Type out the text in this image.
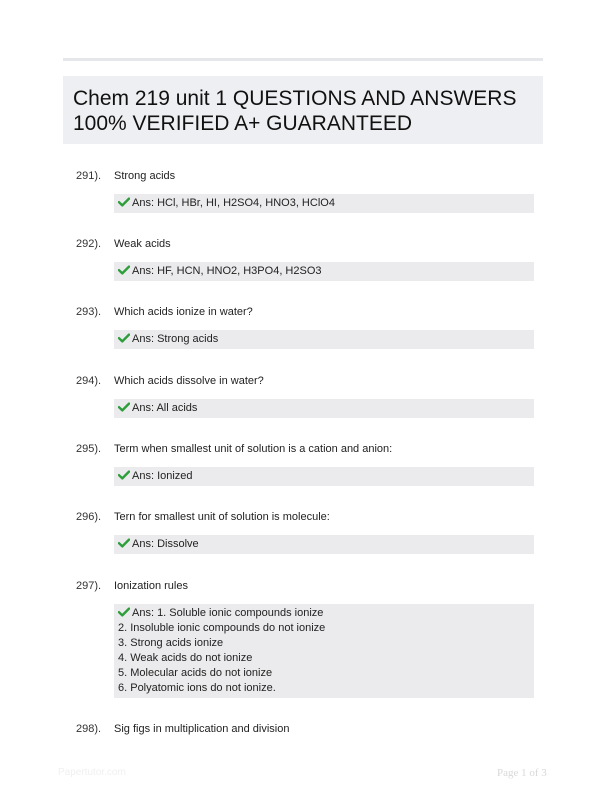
Chem 219 unit 1 QUESTIONS AND ANSWERS
100% VERIFIED A+ GUARANTEED
291). Strong acids
Ans: HCl, HBr, HI, H2SO4, HNO3, HClO4
292). Weak acids
Ans: HF, HCN, HNO2, H3PO4, H2SO3
293). Which acids ionize in water?
Ans: Strong acids
294). Which acids dissolve in water?
Ans: All acids
295). Term when smallest unit of solution is a cation and anion:
Ans: Ionized
296). Tern for smallest unit of solution is molecule:
Ans: Dissolve
297). Ionization rules
Ans: 1. Soluble ionic compounds ionize
2. Insoluble ionic compounds do not ionize
3. Strong acids ionize
4. Weak acids do not ionize
5. Molecular acids do not ionize
6. Polyatomic ions do not ionize.
298). Sig figs in multiplication and division
Papertutor.com	Page 1 of 3
